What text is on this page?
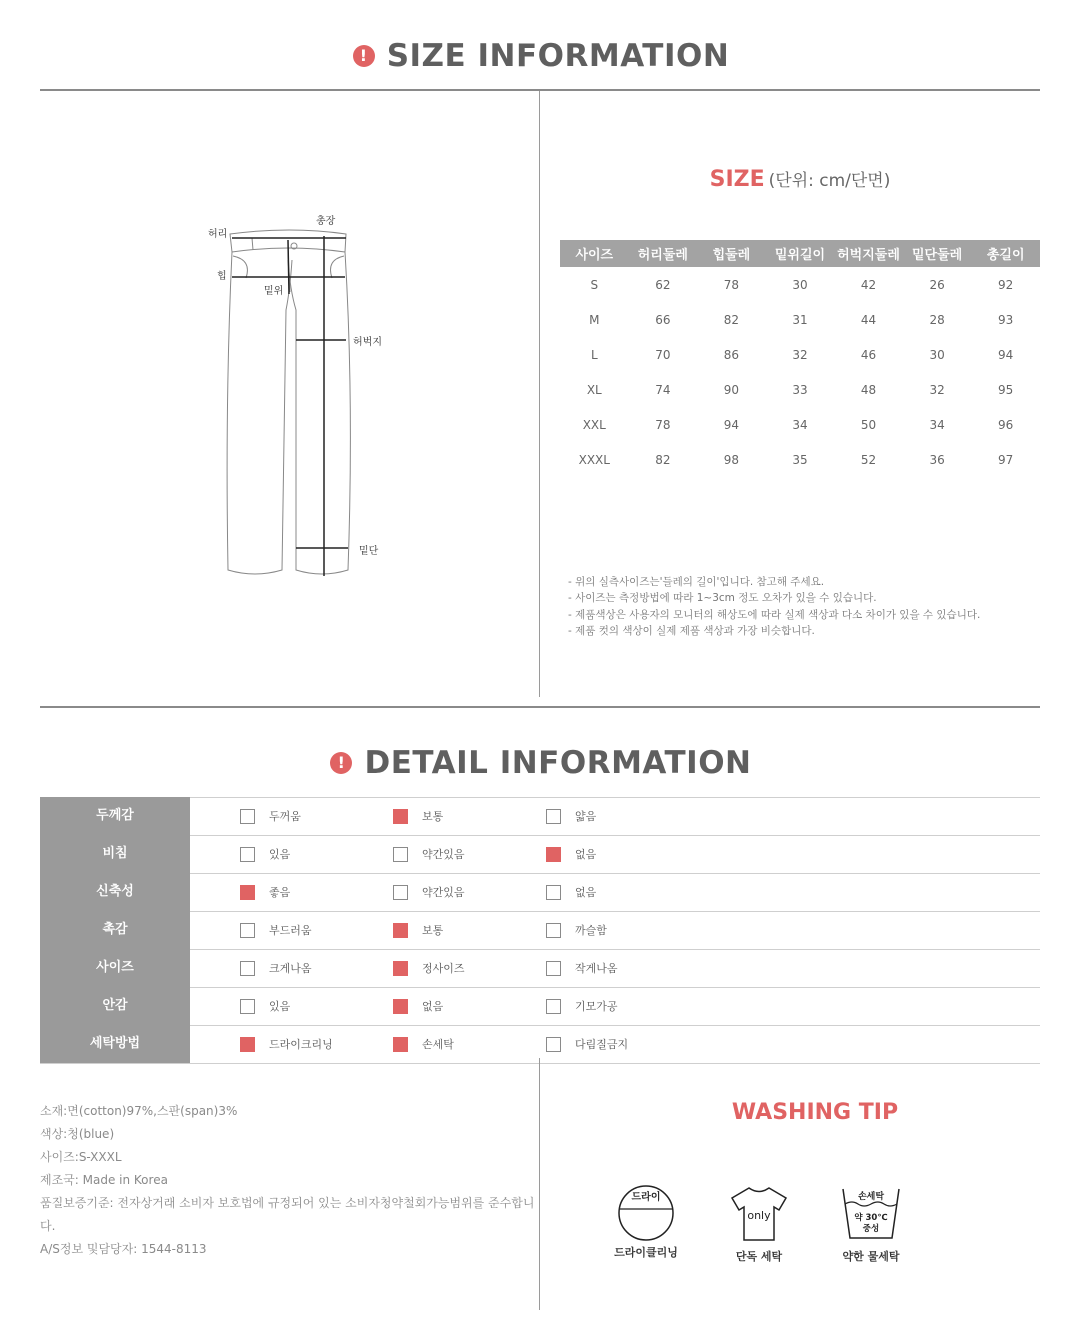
! SIZE INFORMATION
허리
총장
힙
밑위
허벅지
밑단
SIZE (단위: cm/단면)
사이즈	허리둘레	힙둘레	밑위길이	허벅지둘레	밑단둘레	총길이
S	62	78	30	42	26	92
M	66	82	31	44	28	93
L	70	86	32	46	30	94
XL	74	90	33	48	32	95
XXL	78	94	34	50	34	96
XXXL	82	98	35	52	36	97
- 위의 실측사이즈는'들레의 길이'입니다. 참고해 주세요.
- 사이즈는 측정방법에 따라 1~3cm 정도 오차가 있을 수 있습니다.
- 제품색상은 사용자의 모니터의 해상도에 따라 실제 색상과 다소 차이가 있을 수 있습니다.
- 제품 컷의 색상이 실제 제품 색상과 가장 비슷합니다.
! DETAIL INFORMATION
두께감	두꺼움	보통	얇음
비침	있음	약간있음	없음
신축성	좋음	약간있음	없음
촉감	부드러움	보통	까슬함
사이즈	크게나옴	정사이즈	작게나옴
안감	있음	없음	기모가공
세탁방법	드라이크리닝	손세탁	다림질금지
소재:면(cotton)97%,스판(span)3%
색상:청(blue)
사이즈:S-XXXL
제조국: Made in Korea
품질보증기준: 전자상거래 소비자 보호법에 규정되어 있는 소비자청약철회가능범위를 준수합니다.
A/S정보 및담당자: 1544-8113
WASHING TIP
드라이
드라이클리닝
only
단독 세탁
손세탁
약 30℃
중성
약한 물세탁
